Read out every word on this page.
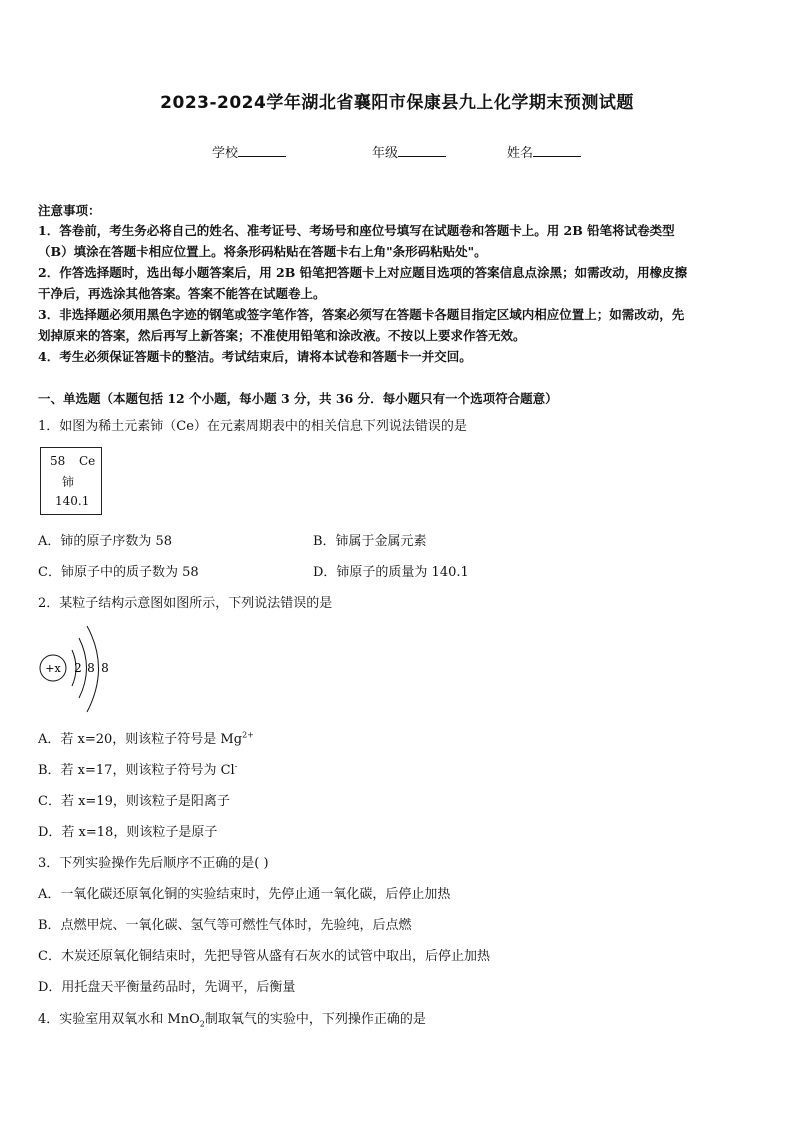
2023-2024学年湖北省襄阳市保康县九上化学期末预测试题
学校	年级	姓名
注意事项：
1．答卷前，考生务必将自己的姓名、准考证号、考场号和座位号填写在试题卷和答题卡上。用 2B 铅笔将试卷类型
（B）填涂在答题卡相应位置上。将条形码粘贴在答题卡右上角"条形码粘贴处"。
2．作答选择题时，选出每小题答案后，用 2B 铅笔把答题卡上对应题目选项的答案信息点涂黑；如需改动，用橡皮擦
干净后，再选涂其他答案。答案不能答在试题卷上。
3．非选择题必须用黑色字迹的钢笔或签字笔作答，答案必须写在答题卡各题目指定区域内相应位置上；如需改动，先
划掉原来的答案，然后再写上新答案；不准使用铅笔和涂改液。不按以上要求作答无效。
4．考生必须保证答题卡的整洁。考试结束后，请将本试卷和答题卡一并交回。
一、单选题（本题包括 12 个小题，每小题 3 分，共 36 分．每小题只有一个选项符合题意）
1．如图为稀土元素铈（Ce）在元素周期表中的相关信息下列说法错误的是
58 Ce
铈
140.1
A．铈的原子序数为 58	B．铈属于金属元素
C．铈原子中的质子数为 58	D．铈原子的质量为 140.1
2．某粒子结构示意图如图所示，下列说法错误的是
+x 2 8 8
A．若 x=20，则该粒子符号是 $Mg^{2+}$
B．若 x=17，则该粒子符号为 Cl-
C．若 x=19，则该粒子是阳离子
D．若 x=18，则该粒子是原子
3．下列实验操作先后顺序不正确的是( )
A．一氧化碳还原氧化铜的实验结束时，先停止通一氧化碳，后停止加热
B．点燃甲烷、一氧化碳、氢气等可燃性气体时，先验纯，后点燃
C．木炭还原氧化铜结束时，先把导管从盛有石灰水的试管中取出，后停止加热
D．用托盘天平衡量药品时，先调平，后衡量
4．实验室用双氧水和 MnO$_2$制取氧气的实验中，下列操作正确的是
